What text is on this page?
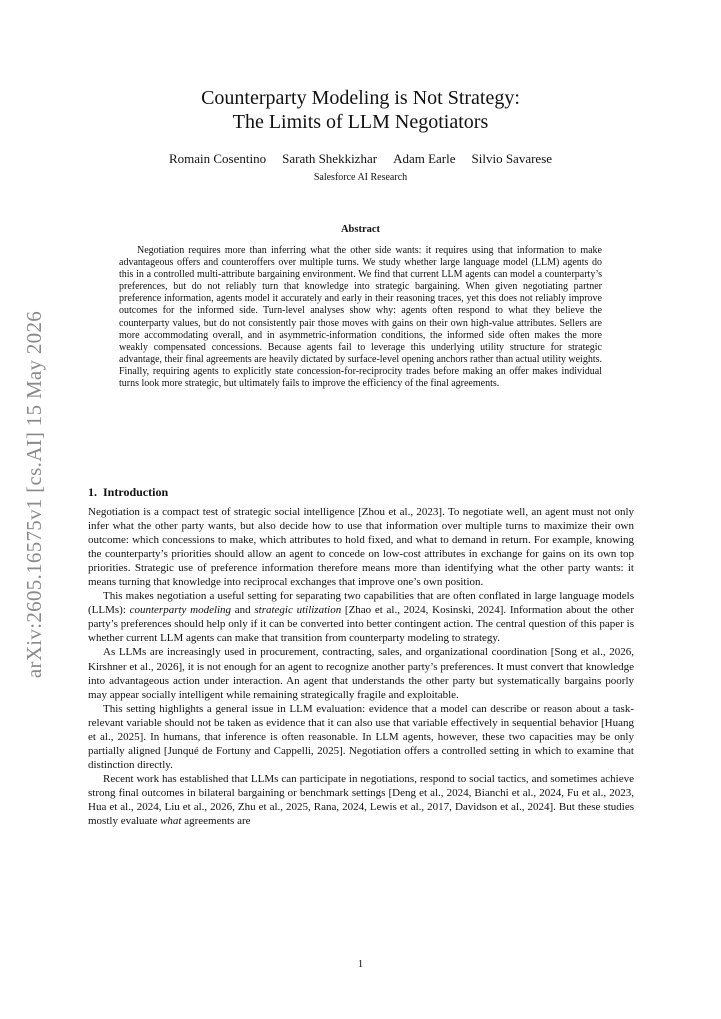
arXiv:2605.16575v1 [cs.AI] 15 May 2026
Counterparty Modeling is Not Strategy:
The Limits of LLM Negotiators
Romain Cosentino Sarath Shekkizhar Adam Earle Silvio Savarese
Salesforce AI Research
Abstract

Negotiation requires more than inferring what the other side wants: it requires using that information to make advantageous offers and counteroffers over multiple turns. We study whether large language model (LLM) agents do this in a controlled multi-attribute bargaining environment. We find that current LLM agents can model a counterparty’s preferences, but do not reliably turn that knowledge into strategic bargaining. When given negotiating partner preference information, agents model it accurately and early in their reasoning traces, yet this does not reliably improve outcomes for the informed side. Turn-level analyses show why: agents often respond to what they believe the counterparty values, but do not consistently pair those moves with gains on their own high-value attributes. Sellers are more accommodating overall, and in asymmetric-information conditions, the informed side often makes the more weakly compensated concessions. Because agents fail to leverage this underlying utility structure for strategic advantage, their final agreements are heavily dictated by surface-level opening anchors rather than actual utility weights. Finally, requiring agents to explicitly state concession-for-reciprocity trades before making an offer makes individual turns look more strategic, but ultimately fails to improve the efficiency of the final agreements.

1. Introduction

Negotiation is a compact test of strategic social intelligence [Zhou et al., 2023]. To negotiate well, an agent must not only infer what the other party wants, but also decide how to use that information over multiple turns to maximize their own outcome: which concessions to make, which attributes to hold fixed, and what to demand in return. For example, knowing the counterparty’s priorities should allow an agent to concede on low-cost attributes in exchange for gains on its own top priorities. Strategic use of preference information therefore means more than identifying what the other party wants: it means turning that knowledge into reciprocal exchanges that improve one’s own position.

This makes negotiation a useful setting for separating two capabilities that are often conflated in large language models (LLMs): counterparty modeling and strategic utilization [Zhao et al., 2024, Kosinski, 2024]. Information about the other party’s preferences should help only if it can be converted into better contingent action. The central question of this paper is whether current LLM agents can make that transition from counterparty modeling to strategy.

As LLMs are increasingly used in procurement, contracting, sales, and organizational coordination [Song et al., 2026, Kirshner et al., 2026], it is not enough for an agent to recognize another party’s preferences. It must convert that knowledge into advantageous action under interaction. An agent that understands the other party but systematically bargains poorly may appear socially intelligent while remaining strategically fragile and exploitable.

This setting highlights a general issue in LLM evaluation: evidence that a model can describe or reason about a task-relevant variable should not be taken as evidence that it can also use that variable effectively in sequential behavior [Huang et al., 2025]. In humans, that inference is often reasonable. In LLM agents, however, these two capacities may be only partially aligned [Junqué de Fortuny and Cappelli, 2025]. Negotiation offers a controlled setting in which to examine that distinction directly.

Recent work has established that LLMs can participate in negotiations, respond to social tactics, and sometimes achieve strong final outcomes in bilateral bargaining or benchmark settings [Deng et al., 2024, Bianchi et al., 2024, Fu et al., 2023, Hua et al., 2024, Liu et al., 2026, Zhu et al., 2025, Rana, 2024, Lewis et al., 2017, Davidson et al., 2024]. But these studies mostly evaluate what agreements are

1
